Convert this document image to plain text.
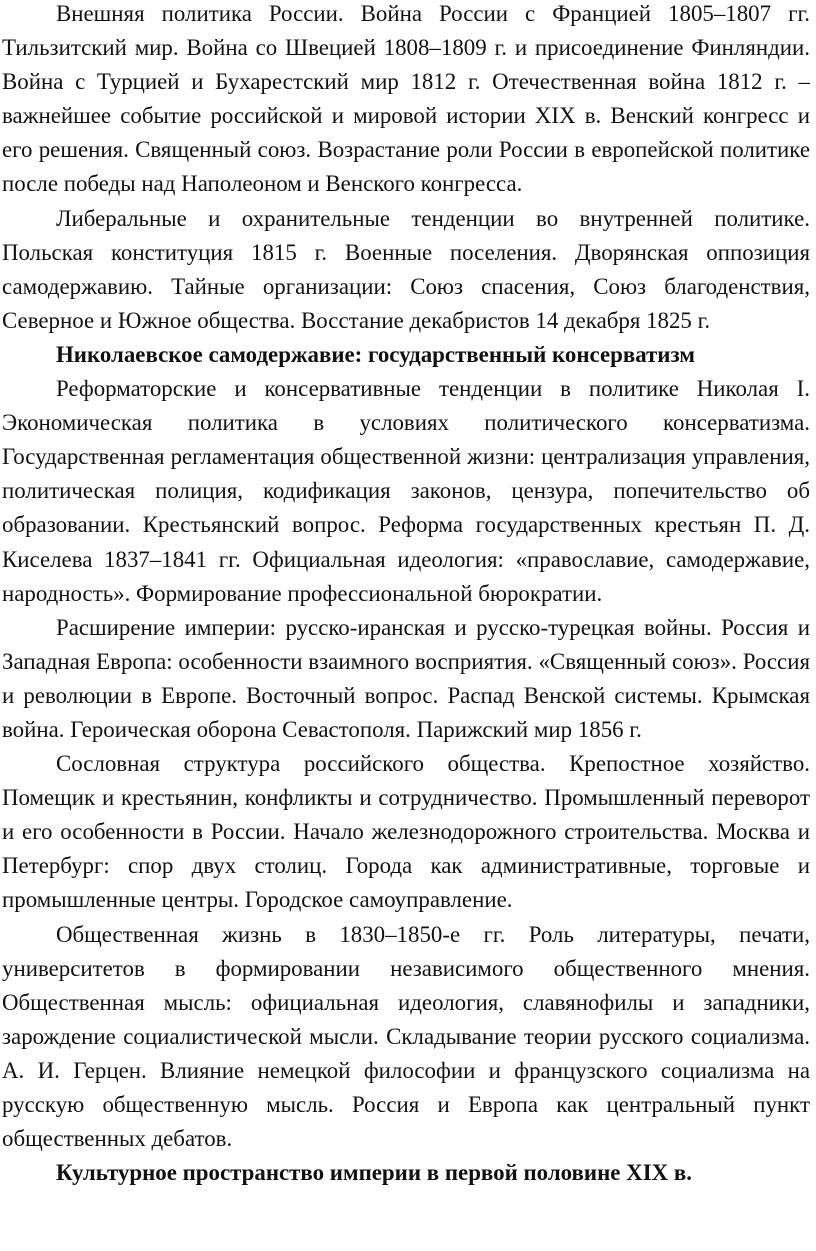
Внешняя политика России. Война России с Францией 1805–1807 гг. Тильзитский мир. Война со Швецией 1808–1809 г. и присоединение Финляндии. Война с Турцией и Бухарестский мир 1812 г. Отечественная война 1812 г. – важнейшее событие российской и мировой истории XIX в. Венский конгресс и его решения. Священный союз. Возрастание роли России в европейской политике после победы над Наполеоном и Венского конгресса.

Либеральные и охранительные тенденции во внутренней политике. Польская конституция 1815 г. Военные поселения. Дворянская оппозиция самодержавию. Тайные организации: Союз спасения, Союз благоденствия, Северное и Южное общества. Восстание декабристов 14 декабря 1825 г.

Николаевское самодержавие: государственный консерватизм

Реформаторские и консервативные тенденции в политике Николая I. Экономическая политика в условиях политического консерватизма. Государственная регламентация общественной жизни: централизация управления, политическая полиция, кодификация законов, цензура, попечительство об образовании. Крестьянский вопрос. Реформа государственных крестьян П. Д. Киселева 1837–1841 гг. Официальная идеология: «православие, самодержавие, народность». Формирование профессиональной бюрократии.

Расширение империи: русско-иранская и русско-турецкая войны. Россия и Западная Европа: особенности взаимного восприятия. «Священный союз». Россия и революции в Европе. Восточный вопрос. Распад Венской системы. Крымская война. Героическая оборона Севастополя. Парижский мир 1856 г.

Сословная структура российского общества. Крепостное хозяйство. Помещик и крестьянин, конфликты и сотрудничество. Промышленный переворот и его особенности в России. Начало железнодорожного строительства. Москва и Петербург: спор двух столиц. Города как административные, торговые и промышленные центры. Городское самоуправление.

Общественная жизнь в 1830–1850-е гг. Роль литературы, печати, университетов в формировании независимого общественного мнения. Общественная мысль: официальная идеология, славянофилы и западники, зарождение социалистической мысли. Складывание теории русского социализма. А. И. Герцен. Влияние немецкой философии и французского социализма на русскую общественную мысль. Россия и Европа как центральный пункт общественных дебатов.

Культурное пространство империи в первой половине XIX в.
